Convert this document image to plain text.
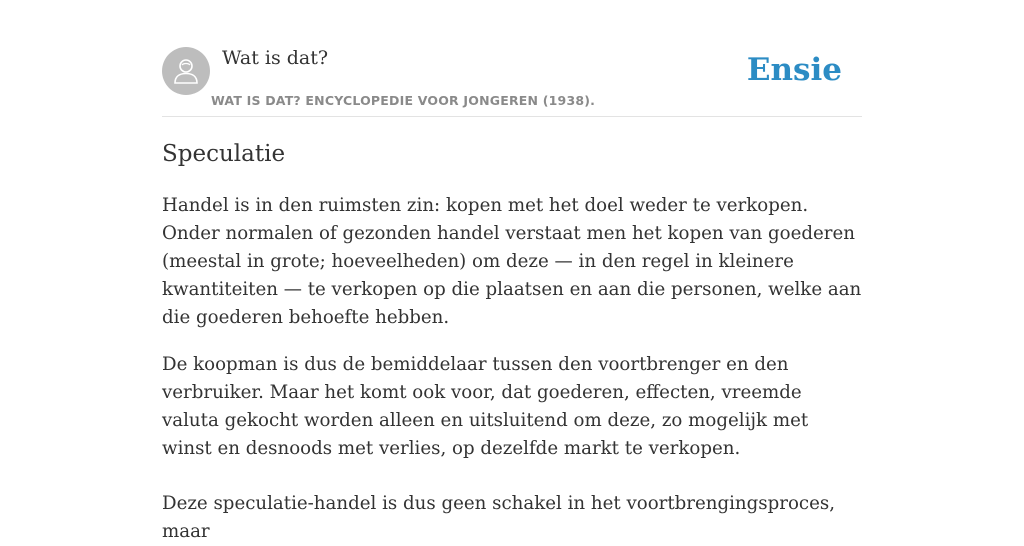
Wat is dat?
WAT IS DAT? ENCYCLOPEDIE VOOR JONGEREN (1938).
Ensie
Speculatie

Handel is in den ruimsten zin: kopen met het doel weder te verkopen. Onder normalen of gezonden handel verstaat men het kopen van goederen (meestal in grote; hoeveelheden) om deze — in den regel in kleinere kwantiteiten — te verkopen op die plaatsen en aan die personen, welke aan die goederen behoefte hebben.

De koopman is dus de bemiddelaar tussen den voortbrenger en den verbruiker. Maar het komt ook voor, dat goederen, effecten, vreemde valuta gekocht worden alleen en uitsluitend om deze, zo mogelijk met winst en desnoods met verlies, op dezelfde markt te verkopen.

Deze speculatie-handel is dus geen schakel in het voortbrengingsproces, maar
